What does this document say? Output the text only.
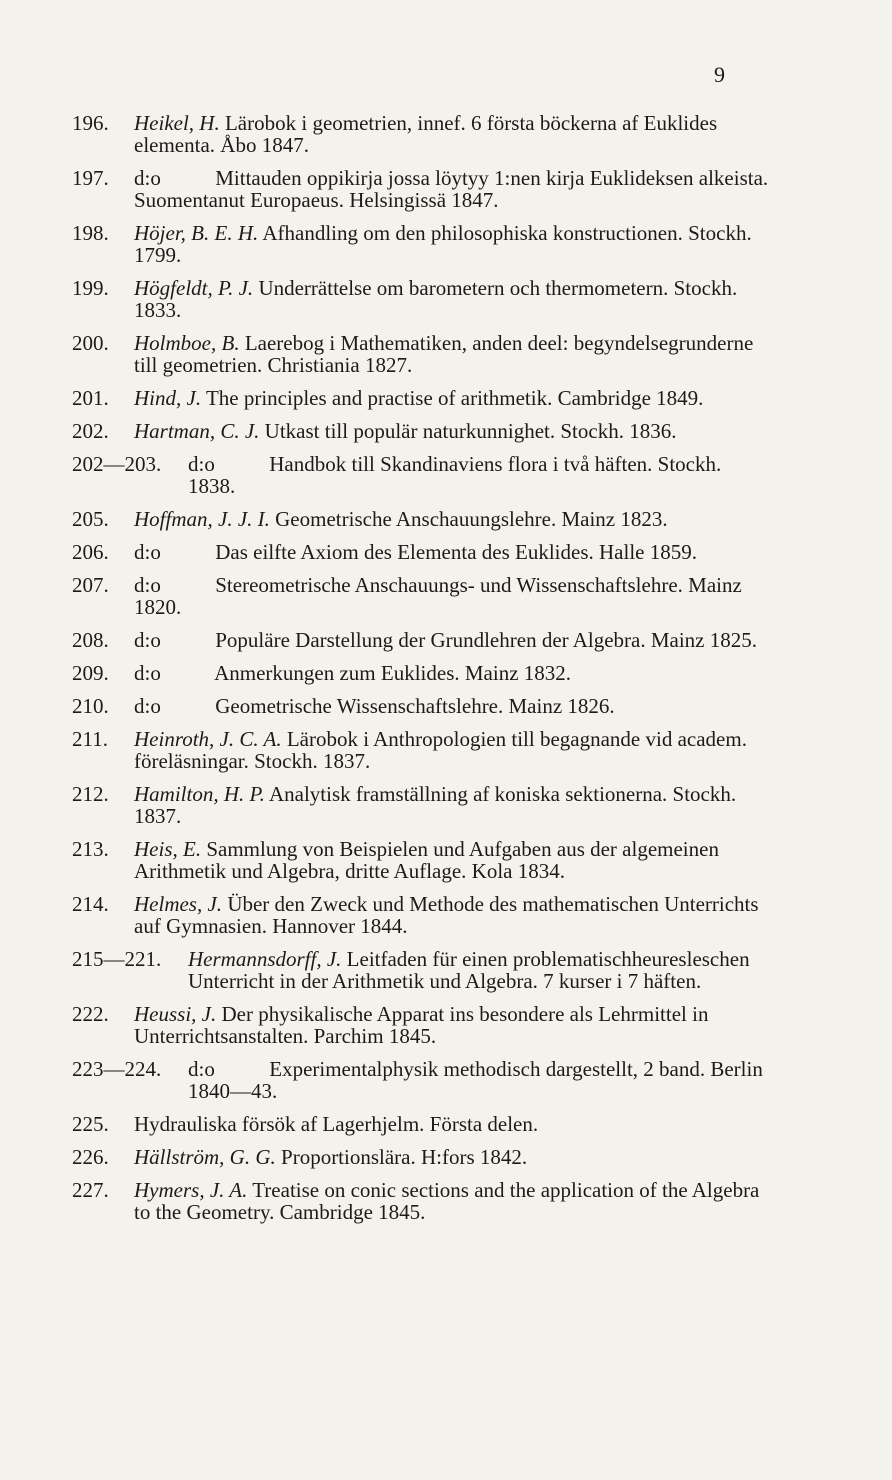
9
196.	Heikel, H. Lärobok i geometrien, innef. 6 första böckerna af Euklides elementa. Åbo 1847.
197.	d:o Mittauden oppikirja jossa löytyy 1:nen kirja Euklideksen alkeista. Suomentanut Europaeus. Helsingissä 1847.
198.	Höjer, B. E. H. Afhandling om den philosophiska konstructionen. Stockh. 1799.
199.	Högfeldt, P. J. Underrättelse om barometern och thermometern. Stockh. 1833.
200.	Holmboe, B. Laerebog i Mathematiken, anden deel: begyndelsegrunderne till geometrien. Christiania 1827.
201.	Hind, J. The principles and practise of arithmetik. Cambridge 1849.
202.	Hartman, C. J. Utkast till populär naturkunnighet. Stockh. 1836.
202—203.	d:o Handbok till Skandinaviens flora i två häften. Stockh. 1838.
205.	Hoffman, J. J. I. Geometrische Anschauungslehre. Mainz 1823.
206.	d:o Das eilfte Axiom des Elementa des Euklides. Halle 1859.
207.	d:o Stereometrische Anschauungs- und Wissenschaftslehre. Mainz 1820.
208.	d:o Populäre Darstellung der Grundlehren der Algebra. Mainz 1825.
209.	d:o Anmerkungen zum Euklides. Mainz 1832.
210.	d:o Geometrische Wissenschaftslehre. Mainz 1826.
211.	Heinroth, J. C. A. Lärobok i Anthropologien till begagnande vid academ. föreläsningar. Stockh. 1837.
212.	Hamilton, H. P. Analytisk framställning af koniska sektionerna. Stockh. 1837.
213.	Heis, E. Sammlung von Beispielen und Aufgaben aus der algemeinen Arithmetik und Algebra, dritte Auflage. Kola 1834.
214.	Helmes, J. Über den Zweck und Methode des mathematischen Unterrichts auf Gymnasien. Hannover 1844.
215—221.	Hermannsdorff, J. Leitfaden für einen problematischheuresleschen Unterricht in der Arithmetik und Algebra. 7 kurser i 7 häften.
222.	Heussi, J. Der physikalische Apparat ins besondere als Lehrmittel in Unterrichtsanstalten. Parchim 1845.
223—224.	d:o Experimentalphysik methodisch dargestellt, 2 band. Berlin 1840—43.
225.	Hydrauliska försök af Lagerhjelm. Första delen.
226.	Hällström, G. G. Proportionslära. H:fors 1842.
227.	Hymers, J. A. Treatise on conic sections and the application of the Algebra to the Geometry. Cambridge 1845.
